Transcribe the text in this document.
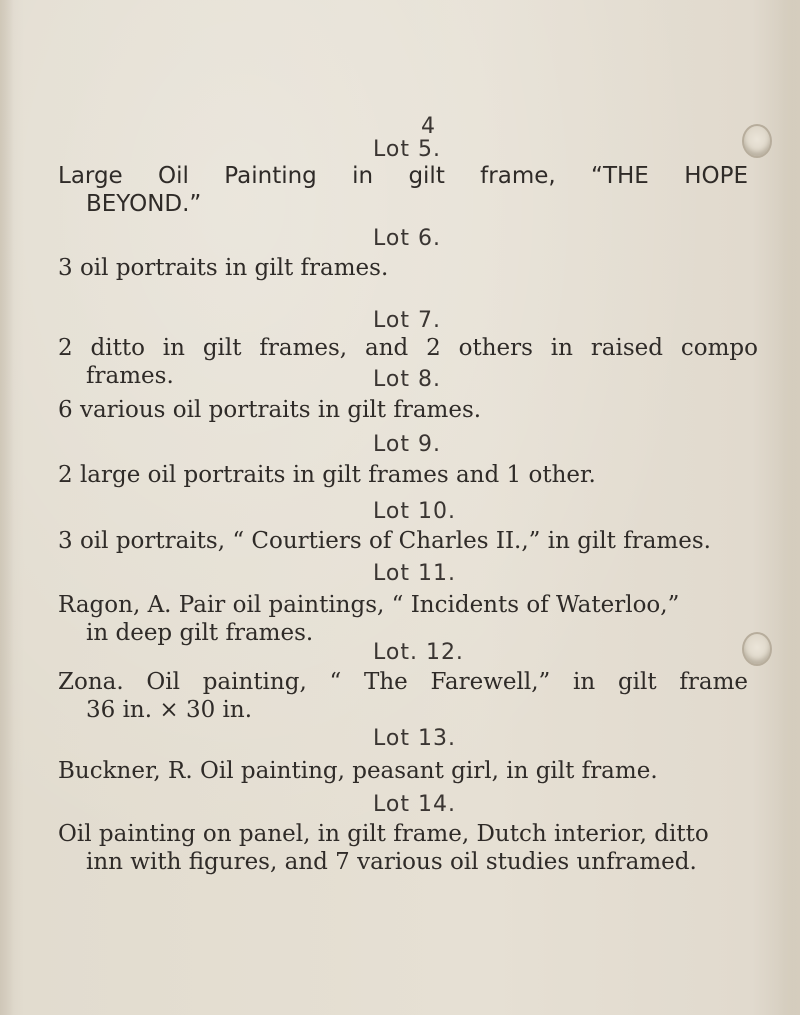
4
Lot 5.
Large Oil Painting in gilt frame, “THE HOPE
BEYOND.”
Lot 6.
3 oil portraits in gilt frames.
Lot 7.
2 ditto in gilt frames, and 2 others in raised compo
frames.	Lot 8.
6 various oil portraits in gilt frames.
Lot 9.
2 large oil portraits in gilt frames and 1 other.
Lot 10.
3 oil portraits, “ Courtiers of Charles II.,” in gilt frames.
Lot 11.
Ragon, A. Pair oil paintings, “ Incidents of Waterloo,”
in deep gilt frames.
Lot. 12.
Zona. Oil painting, “ The Farewell,” in gilt frame
36 in. × 30 in.
Lot 13.
Buckner, R. Oil painting, peasant girl, in gilt frame.
Lot 14.
Oil painting on panel, in gilt frame, Dutch interior, ditto
inn with figures, and 7 various oil studies unframed.
